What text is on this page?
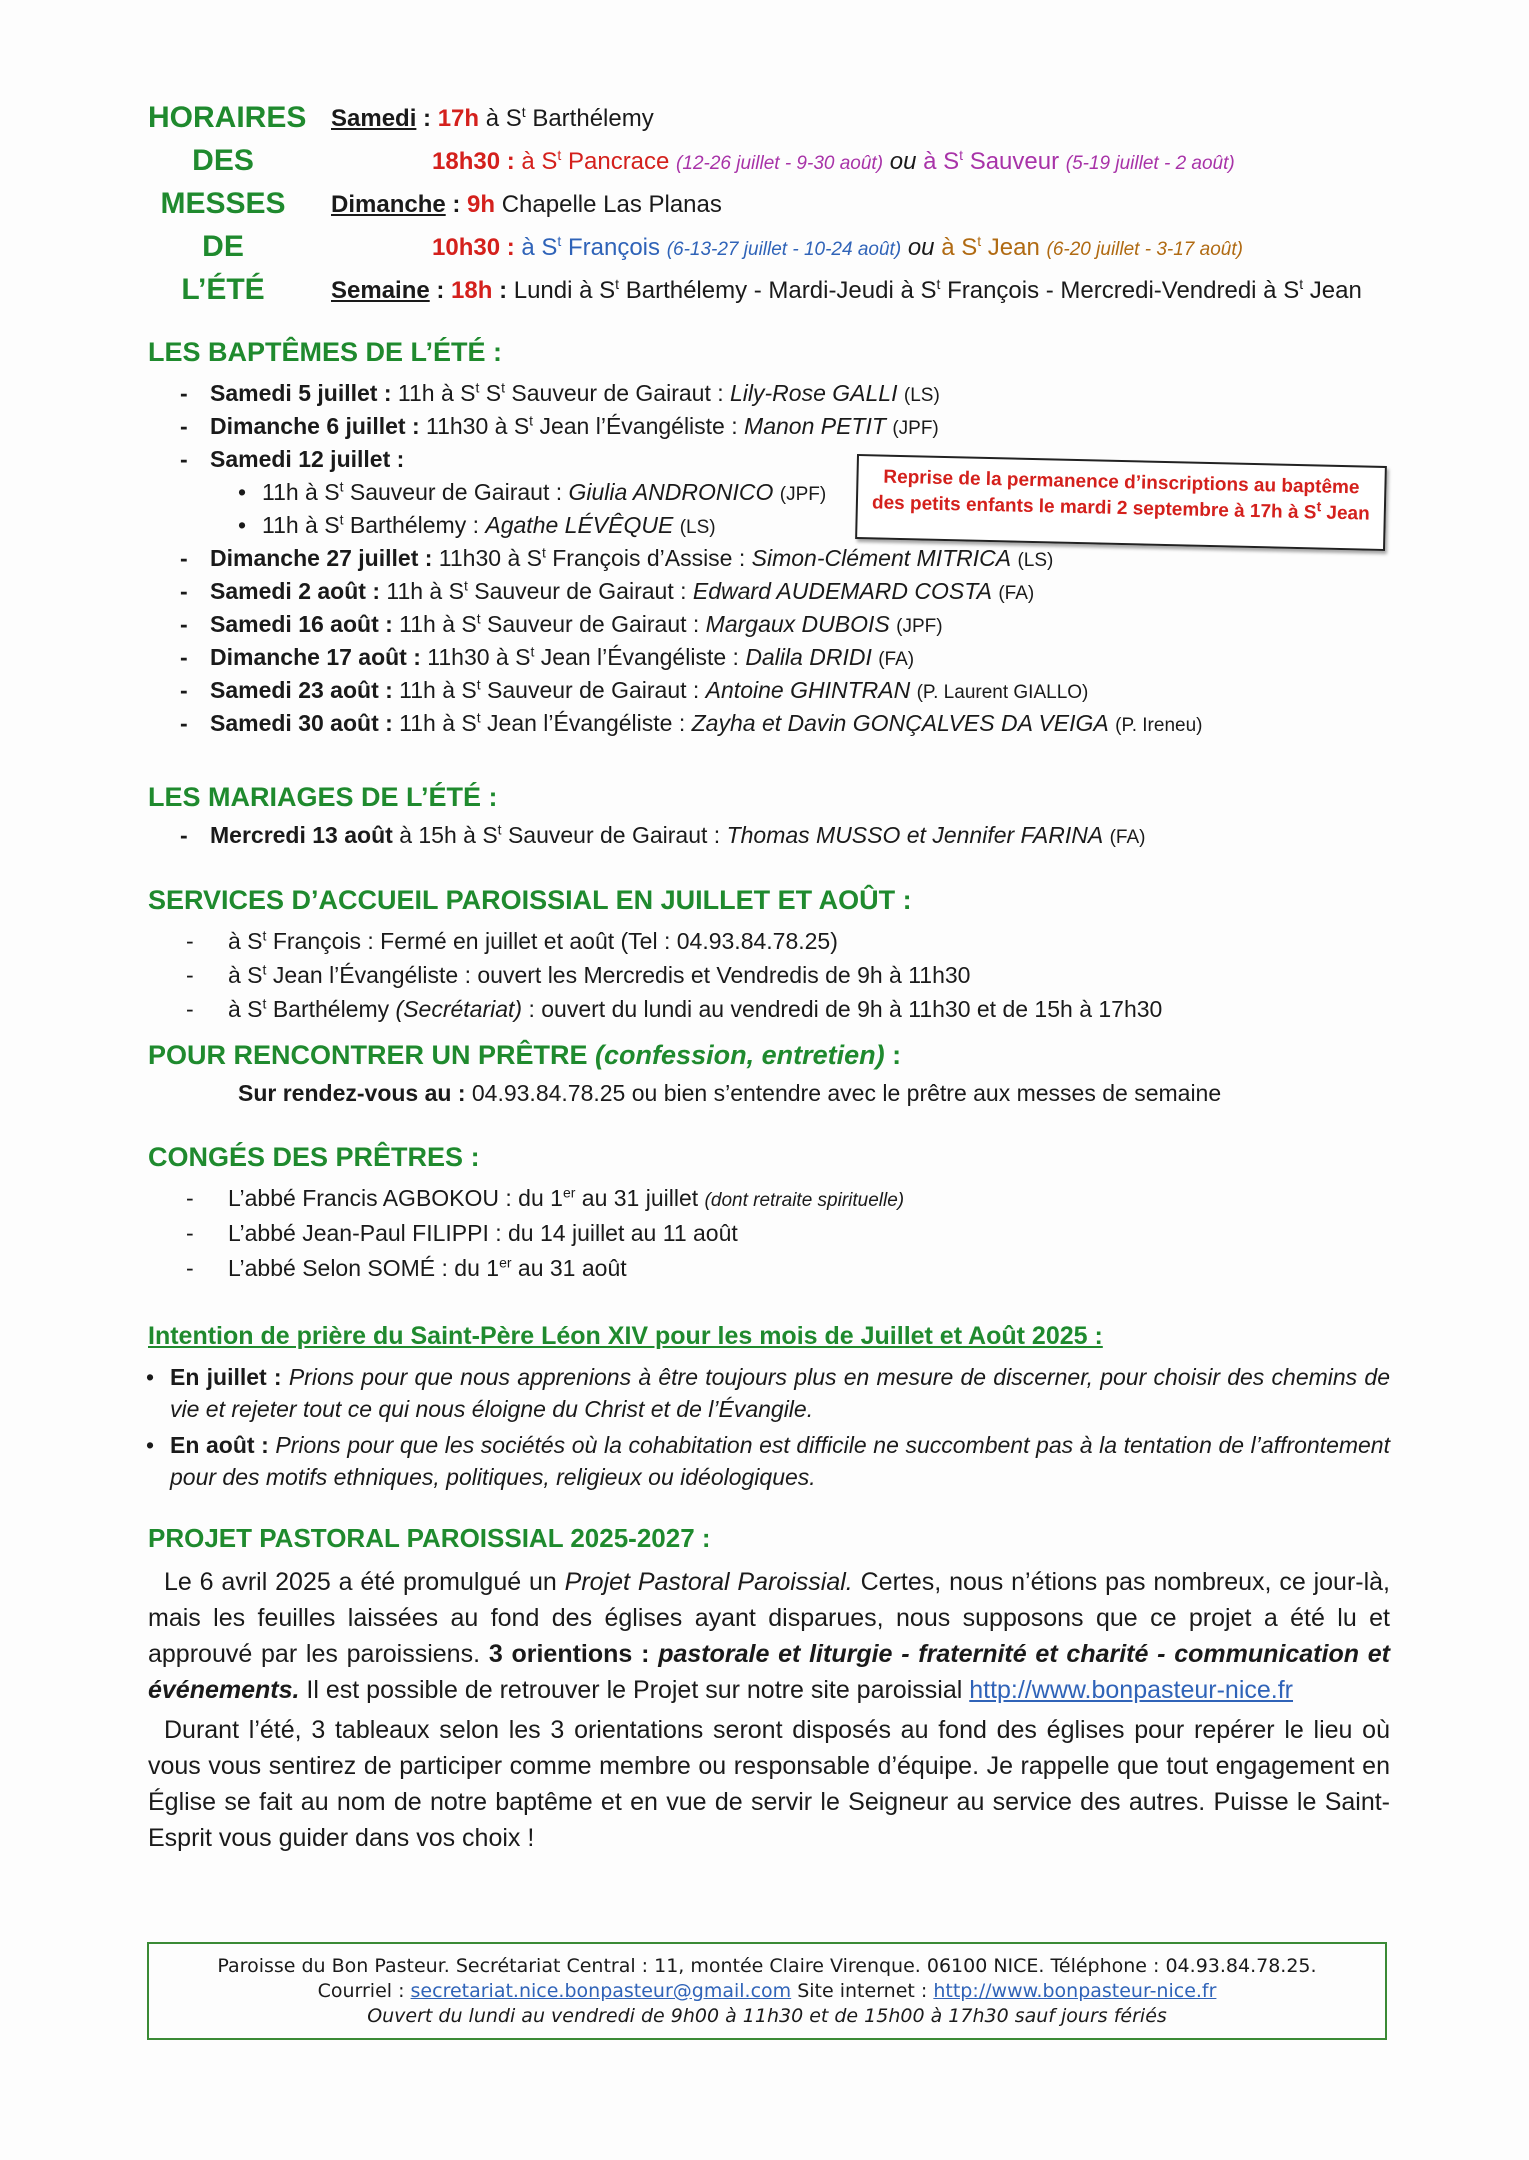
HORAIRES
DES
MESSES
DE
L’ÉTÉ
Samedi : 17h à $S^t$ Barthélemy
18h30 : à $S^t$ Pancrace (12-26 juillet - 9-30 août) ou à $S^t$ Sauveur (5-19 juillet - 2 août)
Dimanche : 9h Chapelle Las Planas
10h30 : à $S^t$ François (6-13-27 juillet - 10-24 août) ou à $S^t$ Jean (6-20 juillet - 3-17 août)
Semaine : 18h : Lundi à $S^t$ Barthélemy - Mardi-Jeudi à $S^t$ François - Mercredi-Vendredi à $S^t$ Jean
LES BAPTÊMES DE L’ÉTÉ :
- Samedi 5 juillet : 11h à $S^t$ $S^t$ Sauveur de Gairaut : Lily-Rose GALLI (LS)
- Dimanche 6 juillet : 11h30 à $S^t$ Jean l’Évangéliste : Manon PETIT (JPF)
- Samedi 12 juillet :
• 11h à $S^t$ Sauveur de Gairaut : Giulia ANDRONICO (JPF)
• 11h à $S^t$ Barthélemy : Agathe LÉVÊQUE (LS)
- Dimanche 27 juillet : 11h30 à $S^t$ François d’Assise : Simon-Clément MITRICA (LS)
- Samedi 2 août : 11h à $S^t$ Sauveur de Gairaut : Edward AUDEMARD COSTA (FA)
- Samedi 16 août : 11h à $S^t$ Sauveur de Gairaut : Margaux DUBOIS (JPF)
- Dimanche 17 août : 11h30 à $S^t$ Jean l’Évangéliste : Dalila DRIDI (FA)
- Samedi 23 août : 11h à $S^t$ Sauveur de Gairaut : Antoine GHINTRAN (P. Laurent GIALLO)
- Samedi 30 août : 11h à $S^t$ Jean l’Évangéliste : Zayha et Davin GONÇALVES DA VEIGA (P. Ireneu)
Reprise de la permanence d’inscriptions au baptême
des petits enfants le mardi 2 septembre à 17h à $S^t$ Jean
LES MARIAGES DE L’ÉTÉ :
- Mercredi 13 août à 15h à $S^t$ Sauveur de Gairaut : Thomas MUSSO et Jennifer FARINA (FA)
SERVICES D’ACCUEIL PAROISSIAL EN JUILLET ET AOÛT :
- à $S^t$ François : Fermé en juillet et août (Tel : 04.93.84.78.25)
- à $S^t$ Jean l’Évangéliste : ouvert les Mercredis et Vendredis de 9h à 11h30
- à $S^t$ Barthélemy (Secrétariat) : ouvert du lundi au vendredi de 9h à 11h30 et de 15h à 17h30
POUR RENCONTRER UN PRÊTRE (confession, entretien) :
Sur rendez-vous au : 04.93.84.78.25 ou bien s’entendre avec le prêtre aux messes de semaine
CONGÉS DES PRÊTRES :
- L’abbé Francis AGBOKOU : du 1er au 31 juillet (dont retraite spirituelle)
- L’abbé Jean-Paul FILIPPI : du 14 juillet au 11 août
- L’abbé Selon SOMÉ : du 1er au 31 août
Intention de prière du Saint-Père Léon XIV pour les mois de Juillet et Août 2025 :
• En juillet : Prions pour que nous apprenions à être toujours plus en mesure de discerner, pour choisir des chemins de vie et rejeter tout ce qui nous éloigne du Christ et de l’Évangile.
• En août : Prions pour que les sociétés où la cohabitation est difficile ne succombent pas à la tentation de l’affrontement pour des motifs ethniques, politiques, religieux ou idéologiques.
PROJET PASTORAL PAROISSIAL 2025-2027 :
Le 6 avril 2025 a été promulgué un Projet Pastoral Paroissial. Certes, nous n’étions pas nombreux, ce jour-là, mais les feuilles laissées au fond des églises ayant disparues, nous supposons que ce projet a été lu et approuvé par les paroissiens. 3 orientions : pastorale et liturgie - fraternité et charité - communication et événements. Il est possible de retrouver le Projet sur notre site paroissial http://www.bonpasteur-nice.fr
Durant l’été, 3 tableaux selon les 3 orientations seront disposés au fond des églises pour repérer le lieu où vous vous sentirez de participer comme membre ou responsable d’équipe. Je rappelle que tout engagement en Église se fait au nom de notre baptême et en vue de servir le Seigneur au service des autres. Puisse le Saint-Esprit vous guider dans vos choix !
Paroisse du Bon Pasteur. Secrétariat Central : 11, montée Claire Virenque. 06100 NICE. Téléphone : 04.93.84.78.25.
Courriel : secretariat.nice.bonpasteur@gmail.com Site internet : http://www.bonpasteur-nice.fr
Ouvert du lundi au vendredi de 9h00 à 11h30 et de 15h00 à 17h30 sauf jours fériés
